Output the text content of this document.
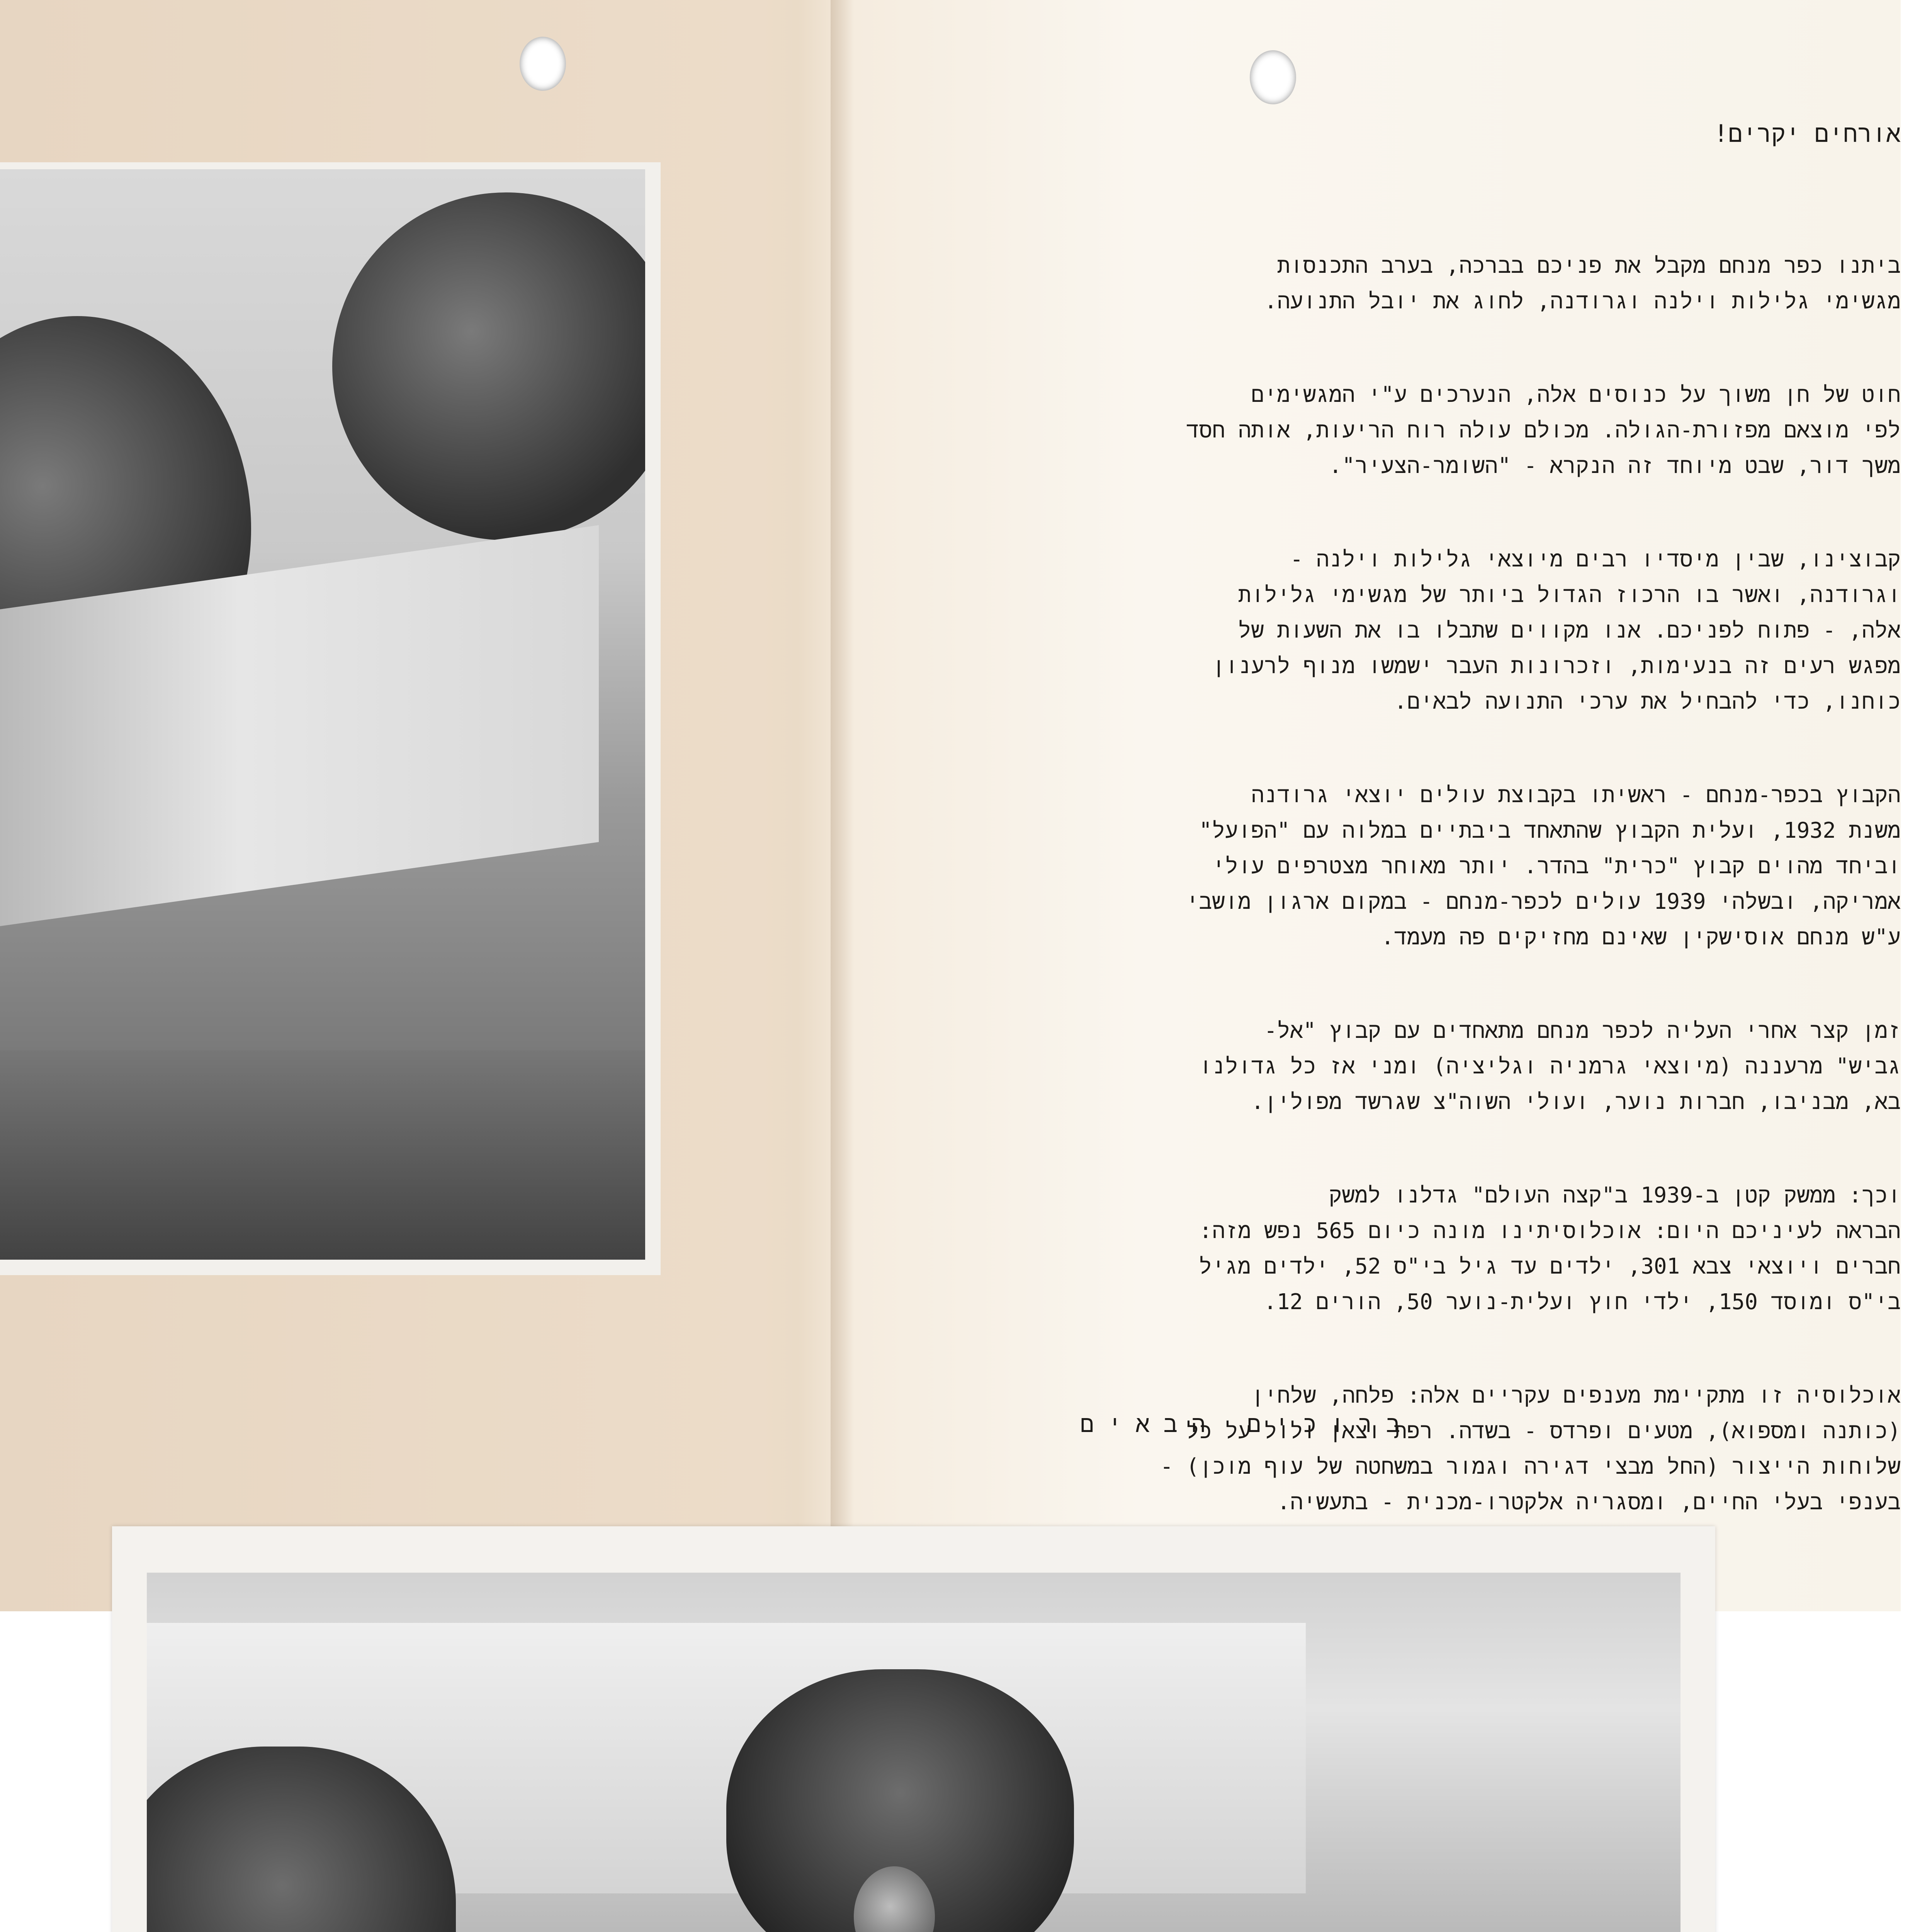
אורחים יקרים!

ביתנו כפר מנחם מקבל את פניכם בברכה, בערב התכנסות
מגשימי גלילות וילנה וגרודנה, לחוג את יובל התנועה.

חוט של חן משוך על כנוסים אלה, הנערכים ע"י המגשימים
לפי מוצאם מפזורת-הגולה. מכולם עולה רוח הריעות, אותה חסד
משך דור, שבט מיוחד זה הנקרא - "השומר-הצעיר".

קבוצינו, שבין מיסדיו רבים מיוצאי גלילות וילנה -
וגרודנה, ואשר בו הרכוז הגדול ביותר של מגשימי גלילות
אלה, - פתוח לפניכם. אנו מקווים שתבלו בו את השעות של
מפגש רעים זה בנעימות, וזכרונות העבר ישמשו מנוף לרענון
כוחנו, כדי להבחיל את ערכי התנועה לבאים.

הקבוץ בכפר-מנחם - ראשיתו בקבוצת עולים יוצאי גרודנה
משנת 1932, ועלית הקבוץ שהתאחד ביבתיים במלוה עם "הפועל"
וביחד מהוים קבוץ "כרית" בהדר. יותר מאוחר מצטרפים עולי
אמריקה, ובשלהי 1939 עולים לכפר-מנחם - במקום ארגון מושבי
ע"ש מנחם אוסישקין שאינם מחזיקים פה מעמד.

זמן קצר אחרי העליה לכפר מנחם מתאחדים עם קבוץ "אל-
גביש" מרעננה (מיוצאי גרמניה וגליציה) ומני אז כל גדולנו
בא, מבניבו, חברות נוער, ועולי השוה"צ שגרשד מפולין.

וכך: ממשק קטן ב-1939 ב"קצה העולם" גדלנו למשק
הבראה לעיניכם היום: אוכלוסיתינו מונה כיום 565 נפש מזה:
חברים ויוצאי צבא 301, ילדים עד גיל בי"ס 52, ילדים מגיל
בי"ס ומוסד 150, ילדי חוץ ועלית-נוער 50, הורים 12.

אוכלוסיה זו מתקיימת מענפים עקריים אלה: פלחה, שלחין
(כותנה ומספוא), מטעים ופרדס - בשדה. רפת וצאן ולול על כל
שלוחות הייצור (החל מבצי דגירה וגמור במשחטה של עוף מוכן) -
בענפי בעלי החיים, ומסגריה אלקטרו-מכנית - בתעשיה.

ברוכים הבאים
